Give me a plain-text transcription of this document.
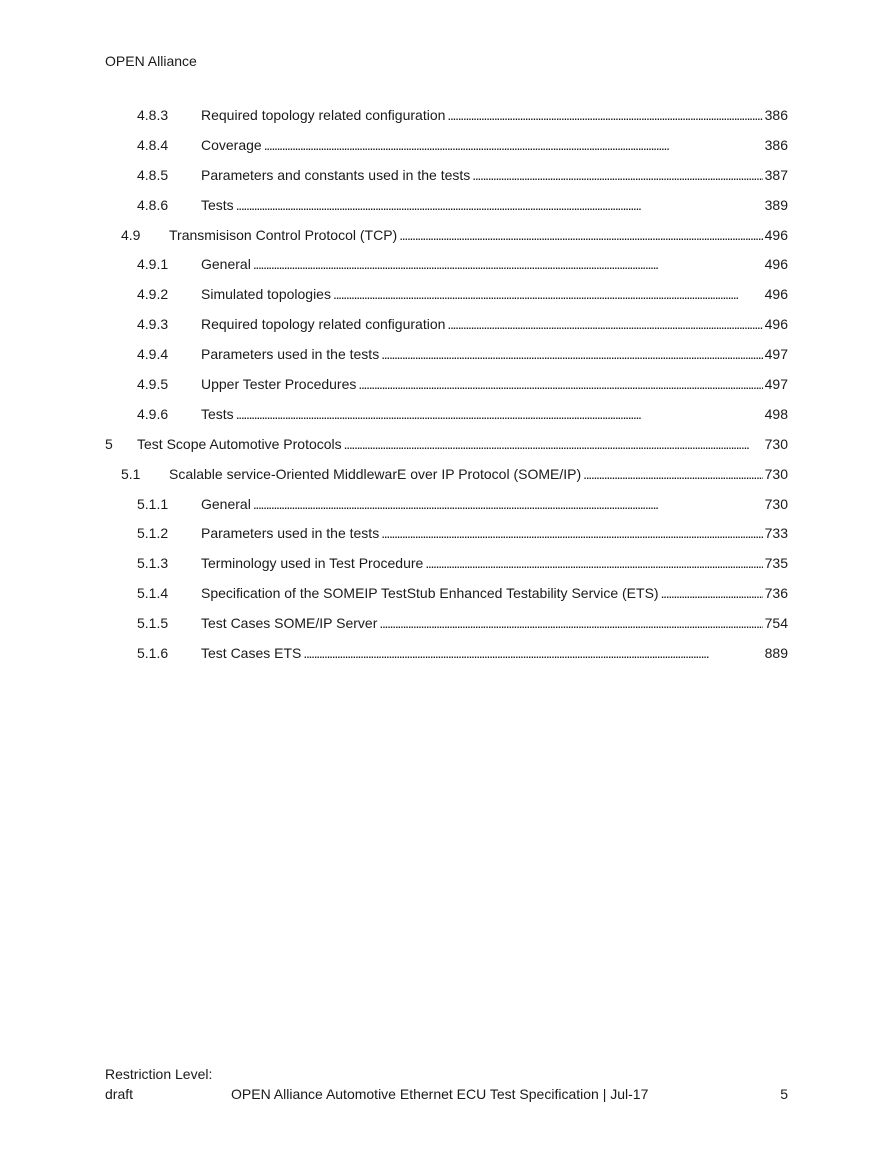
OPEN Alliance
4.8.3	Required topology related configuration . . .	386
4.8.4	Coverage . . .	386
4.8.5	Parameters and constants used in the tests . . .	387
4.8.6	Tests . . .	389
4.9	Transmisison Control Protocol (TCP) . . .	496
4.9.1	General . . .	496
4.9.2	Simulated topologies . . .	496
4.9.3	Required topology related configuration . . .	496
4.9.4	Parameters used in the tests . . .	497
4.9.5	Upper Tester Procedures . . .	497
4.9.6	Tests . . .	498
5	Test Scope Automotive Protocols . . .	730
5.1	Scalable service-Oriented MiddlewarE over IP Protocol (SOME/IP) . . .	730
5.1.1	General . . .	730
5.1.2	Parameters used in the tests . . .	733
5.1.3	Terminology used in Test Procedure . . .	735
5.1.4	Specification of the SOMEIP TestStub Enhanced Testability Service (ETS) . . .	736
5.1.5	Test Cases SOME/IP Server . . .	754
5.1.6	Test Cases ETS . . .	889
Restriction Level:
draft	OPEN Alliance Automotive Ethernet ECU Test Specification | Jul-17	5
